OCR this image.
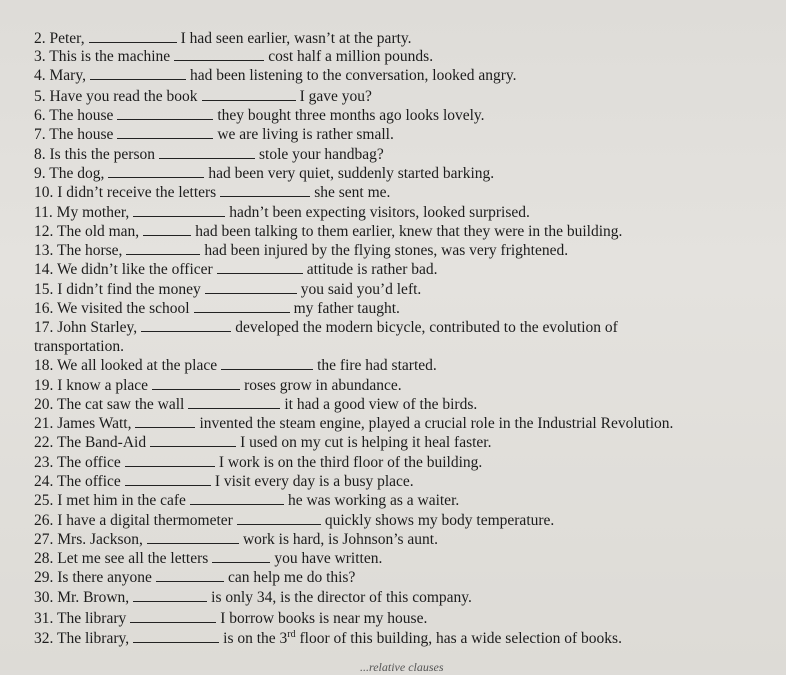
2. Peter,	I had seen earlier, wasn’t at the party.
3. This is the machine	cost half a million pounds.
4. Mary,	had been listening to the conversation, looked angry.
5. Have you read the book	I gave you?
6. The house	they bought three months ago looks lovely.
7. The house	we are living is rather small.
8. Is this the person	stole your handbag?
9. The dog,	had been very quiet, suddenly started barking.
10. I didn’t receive the letters	she sent me.
11. My mother,	hadn’t been expecting visitors, looked surprised.
12. The old man,	had been talking to them earlier, knew that they were in the building.
13. The horse,	had been injured by the flying stones, was very frightened.
14. We didn’t like the officer	attitude is rather bad.
15. I didn’t find the money	you said you’d left.
16. We visited the school	my father taught.
17. John Starley,	developed the modern bicycle, contributed to the evolution of
transportation.
18. We all looked at the place	the fire had started.
19. I know a place	roses grow in abundance.
20. The cat saw the wall	it had a good view of the birds.
21. James Watt,	invented the steam engine, played a crucial role in the Industrial Revolution.
22. The Band-Aid	I used on my cut is helping it heal faster.
23. The office	I work is on the third floor of the building.
24. The office	I visit every day is a busy place.
25. I met him in the cafe	he was working as a waiter.
26. I have a digital thermometer	quickly shows my body temperature.
27. Mrs. Jackson,	work is hard, is Johnson’s aunt.
28. Let me see all the letters	you have written.
29. Is there anyone	can help me do this?
30. Mr. Brown,	is only 34, is the director of this company.
31. The library	I borrow books is near my house.
32. The library,	is on the 3rd floor of this building, has a wide selection of books.
...relative clauses
